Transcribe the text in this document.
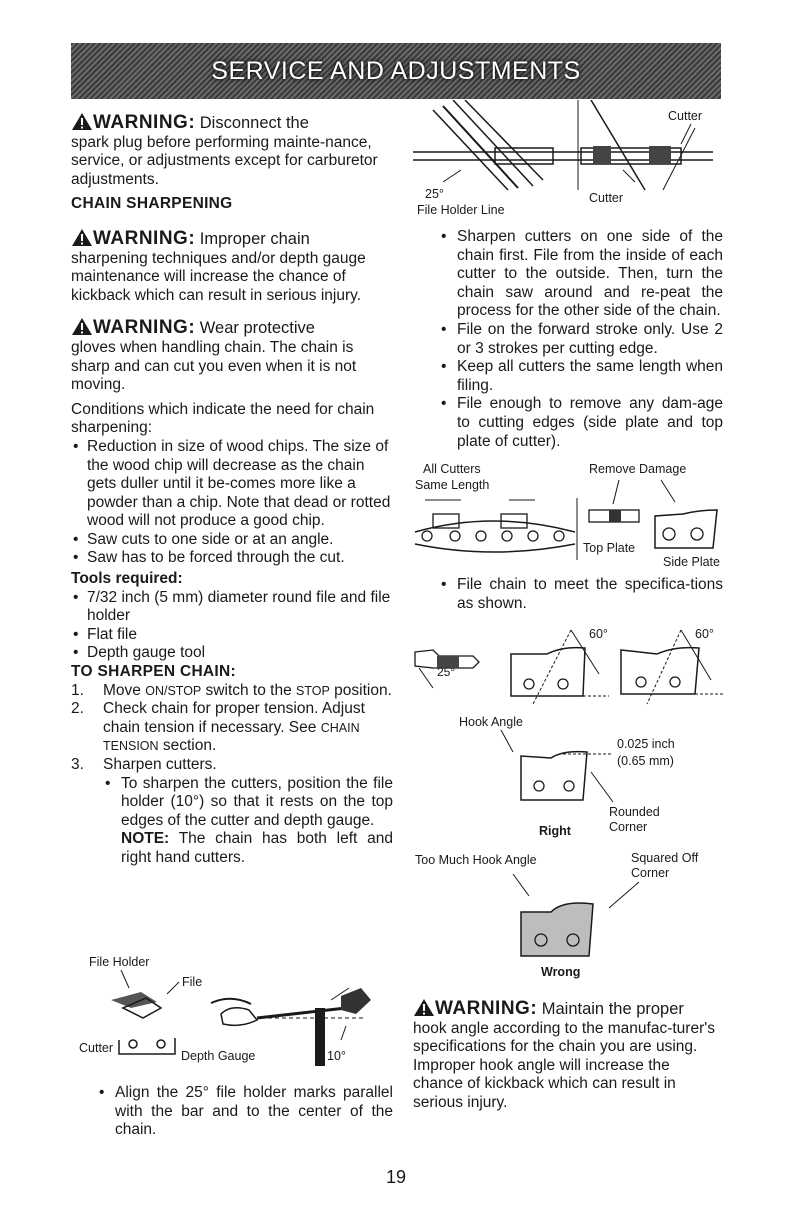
SERVICE AND ADJUSTMENTS
WARNING: Disconnect the
spark plug before performing mainte-nance, service, or adjustments except for carburetor adjustments.
CHAIN SHARPENING
WARNING: Improper chain
sharpening techniques and/or depth gauge maintenance will increase the chance of kickback which can result in serious injury.
WARNING: Wear protective
gloves when handling chain. The chain is sharp and can cut you even when it is not moving.
Conditions which indicate the need for chain sharpening:
• Reduction in size of wood chips. The size of the wood chip will decrease as the chain gets duller until it be-comes more like a powder than a chip. Note that dead or rotted wood will not produce a good chip.
• Saw cuts to one side or at an angle.
• Saw has to be forced through the cut.
Tools required:
• 7/32 inch (5 mm) diameter round file and file holder
• Flat file
• Depth gauge tool
TO SHARPEN CHAIN:
1. Move ON/STOP switch to the STOP position.
2. Check chain for proper tension. Adjust chain tension if necessary. See CHAIN TENSION section.
3. Sharpen cutters.
• To sharpen the cutters, position the file holder (10°) so that it rests on the top edges of the cutter and depth gauge.
NOTE: The chain has both left and right hand cutters.
File Holder
File
10°
Cutter
Depth Gauge
• Align the 25° file holder marks parallel with the bar and to the center of the chain.
Cutter
25°	Cutter
File Holder Line
• Sharpen cutters on one side of the chain first. File from the inside of each cutter to the outside. Then, turn the chain saw around and re-peat the process for the other side of the chain.
• File on the forward stroke only. Use 2 or 3 strokes per cutting edge.
• Keep all cutters the same length when filing.
• File enough to remove any dam-age to cutting edges (side plate and top plate of cutter).
All Cutters
Same Length
Remove Damage
Top Plate
Side Plate
• File chain to meet the specifica-tions as shown.
60°	60°
25°
Hook Angle
0.025 inch
(0.65 mm)
Rounded
Corner
Right
Too Much Hook Angle	Squared Off
Corner
Wrong
WARNING: Maintain the proper
hook angle according to the manufac-turer's specifications for the chain you are using. Improper hook angle will increase the chance of kickback which can result in serious injury.
19
